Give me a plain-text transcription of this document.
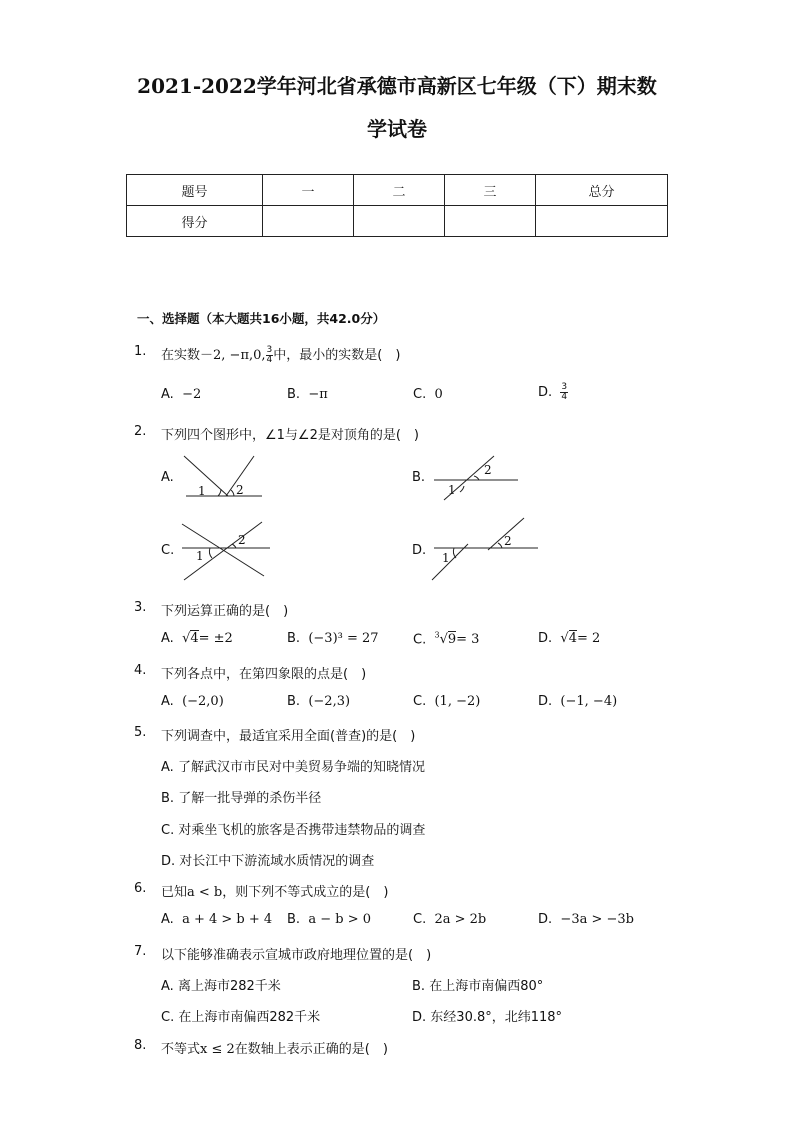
2021-2022学年河北省承德市高新区七年级（下）期末数
学试卷
题号	一	二	三	总分
得分				
一、选择题（本大题共16小题，共42.0分）
1. 在实数－2, −π,0, $\frac{3}{4}$ 中，最小的实数是(　)
A. −2	B. −π	C. 0	D. $\frac{3}{4}$
2. 下列四个图形中，∠1与∠2是对顶角的是(　)
A.
1	2
B.
1
2
C. 1
2
D. 1
2
3. 下列运算正确的是(　)
A. √4= ±2	B. (−3)³ = 27	C. $^3$√9= 3	D. √4= 2
4. 下列各点中，在第四象限的点是(　)
A. (−2,0)	B. (−2,3)	C. (1, −2)	D. (−1, −4)
5. 下列调查中，最适宜采用全面(普查)的是(　)
A. 了解武汉市市民对中美贸易争端的知晓情况
B. 了解一批导弹的杀伤半径
C. 对乘坐飞机的旅客是否携带违禁物品的调查
D. 对长江中下游流域水质情况的调查
6. 已知a < b，则下列不等式成立的是(　)
A. a + 4 > b + 4 B. a − b > 0	C. 2a > 2b	D. −3a > −3b
7. 以下能够准确表示宣城市政府地理位置的是(　)
A. 离上海市282千米	B. 在上海市南偏西80°
C. 在上海市南偏西282千米	D. 东经30.8°，北纬118°
8. 不等式x ≤ 2在数轴上表示正确的是(　)
